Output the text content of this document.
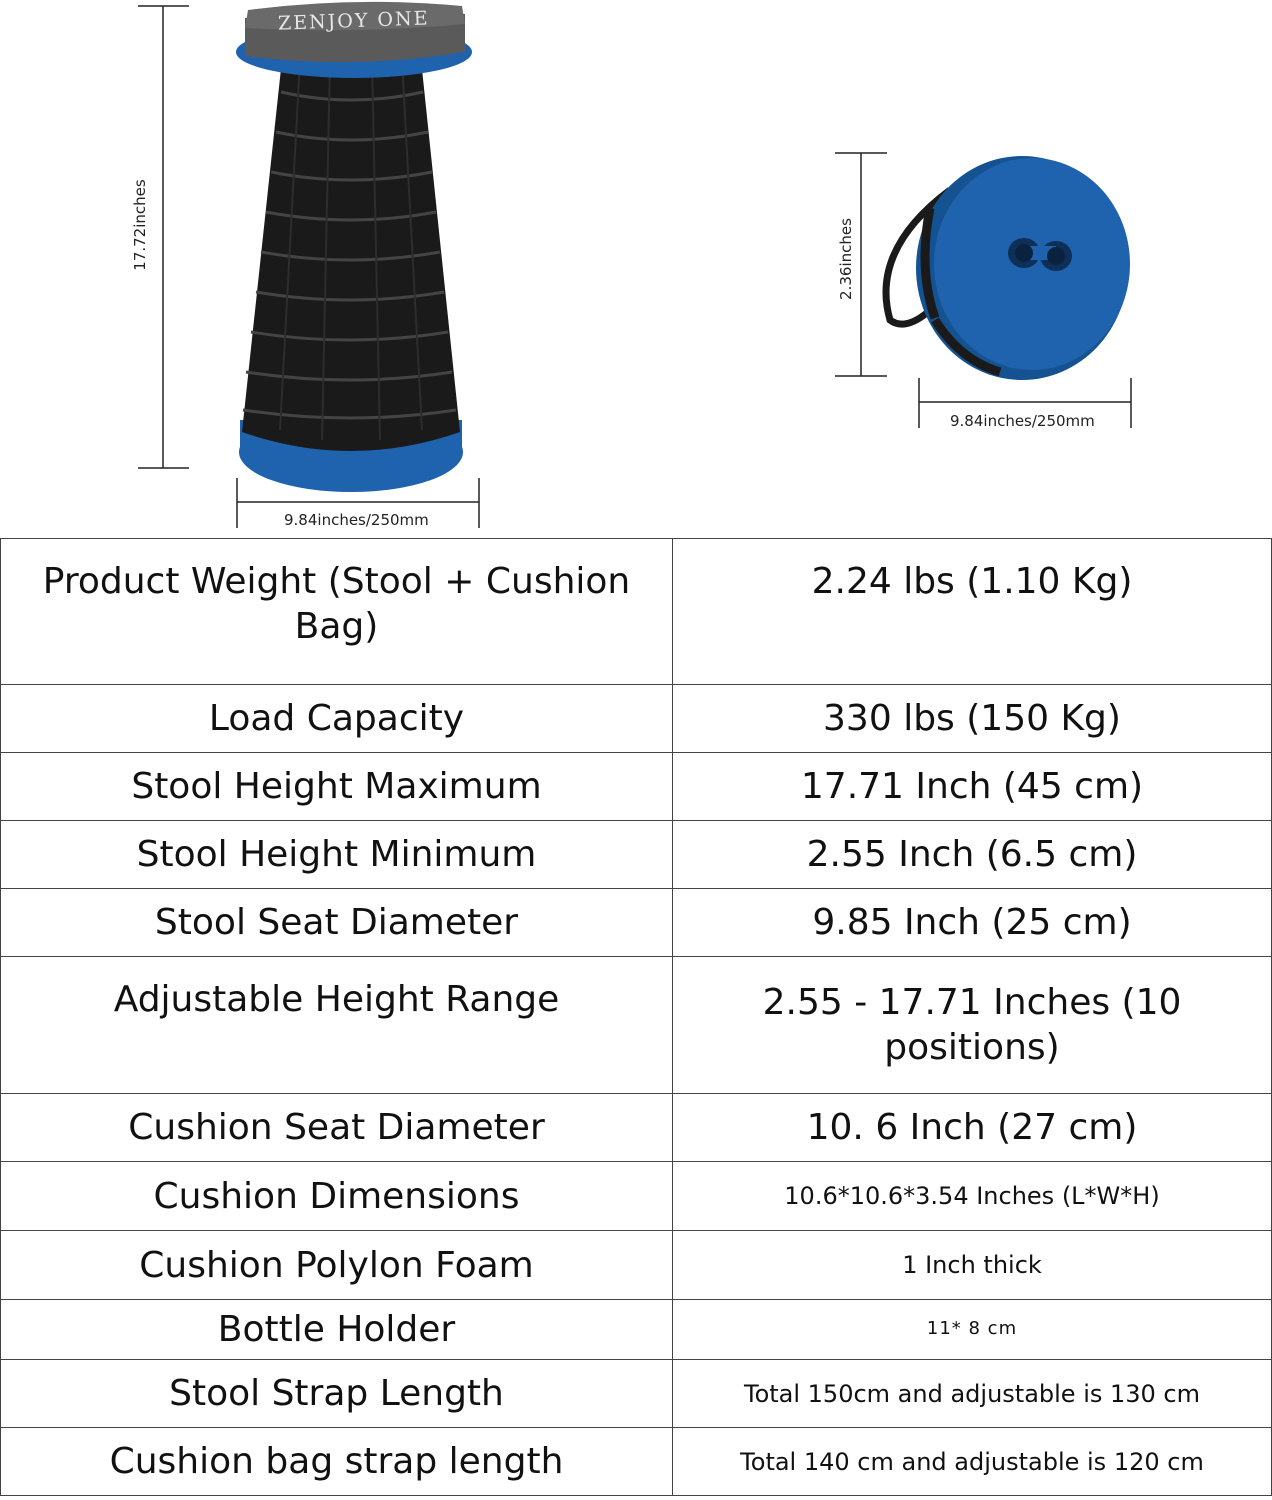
ZENJOY ONE
17.72inches
9.84inches/250mm
2.36inches
9.84inches/250mm
Product Weight (Stool + Cushion Bag)	2.24 lbs (1.10 Kg)
Load Capacity	330 lbs (150 Kg)
Stool Height Maximum	17.71 Inch (45 cm)
Stool Height Minimum	2.55 Inch (6.5 cm)
Stool Seat Diameter	9.85 Inch (25 cm)
Adjustable Height Range	2.55 - 17.71 Inches (10 positions)
Cushion Seat Diameter	10. 6 Inch (27 cm)
Cushion Dimensions	10.6*10.6*3.54 Inches (L*W*H)
Cushion Polylon Foam	1 Inch thick
Bottle Holder	11* 8 cm
Stool Strap Length	Total 150cm and adjustable is 130 cm
Cushion bag strap length	Total 140 cm and adjustable is 120 cm
